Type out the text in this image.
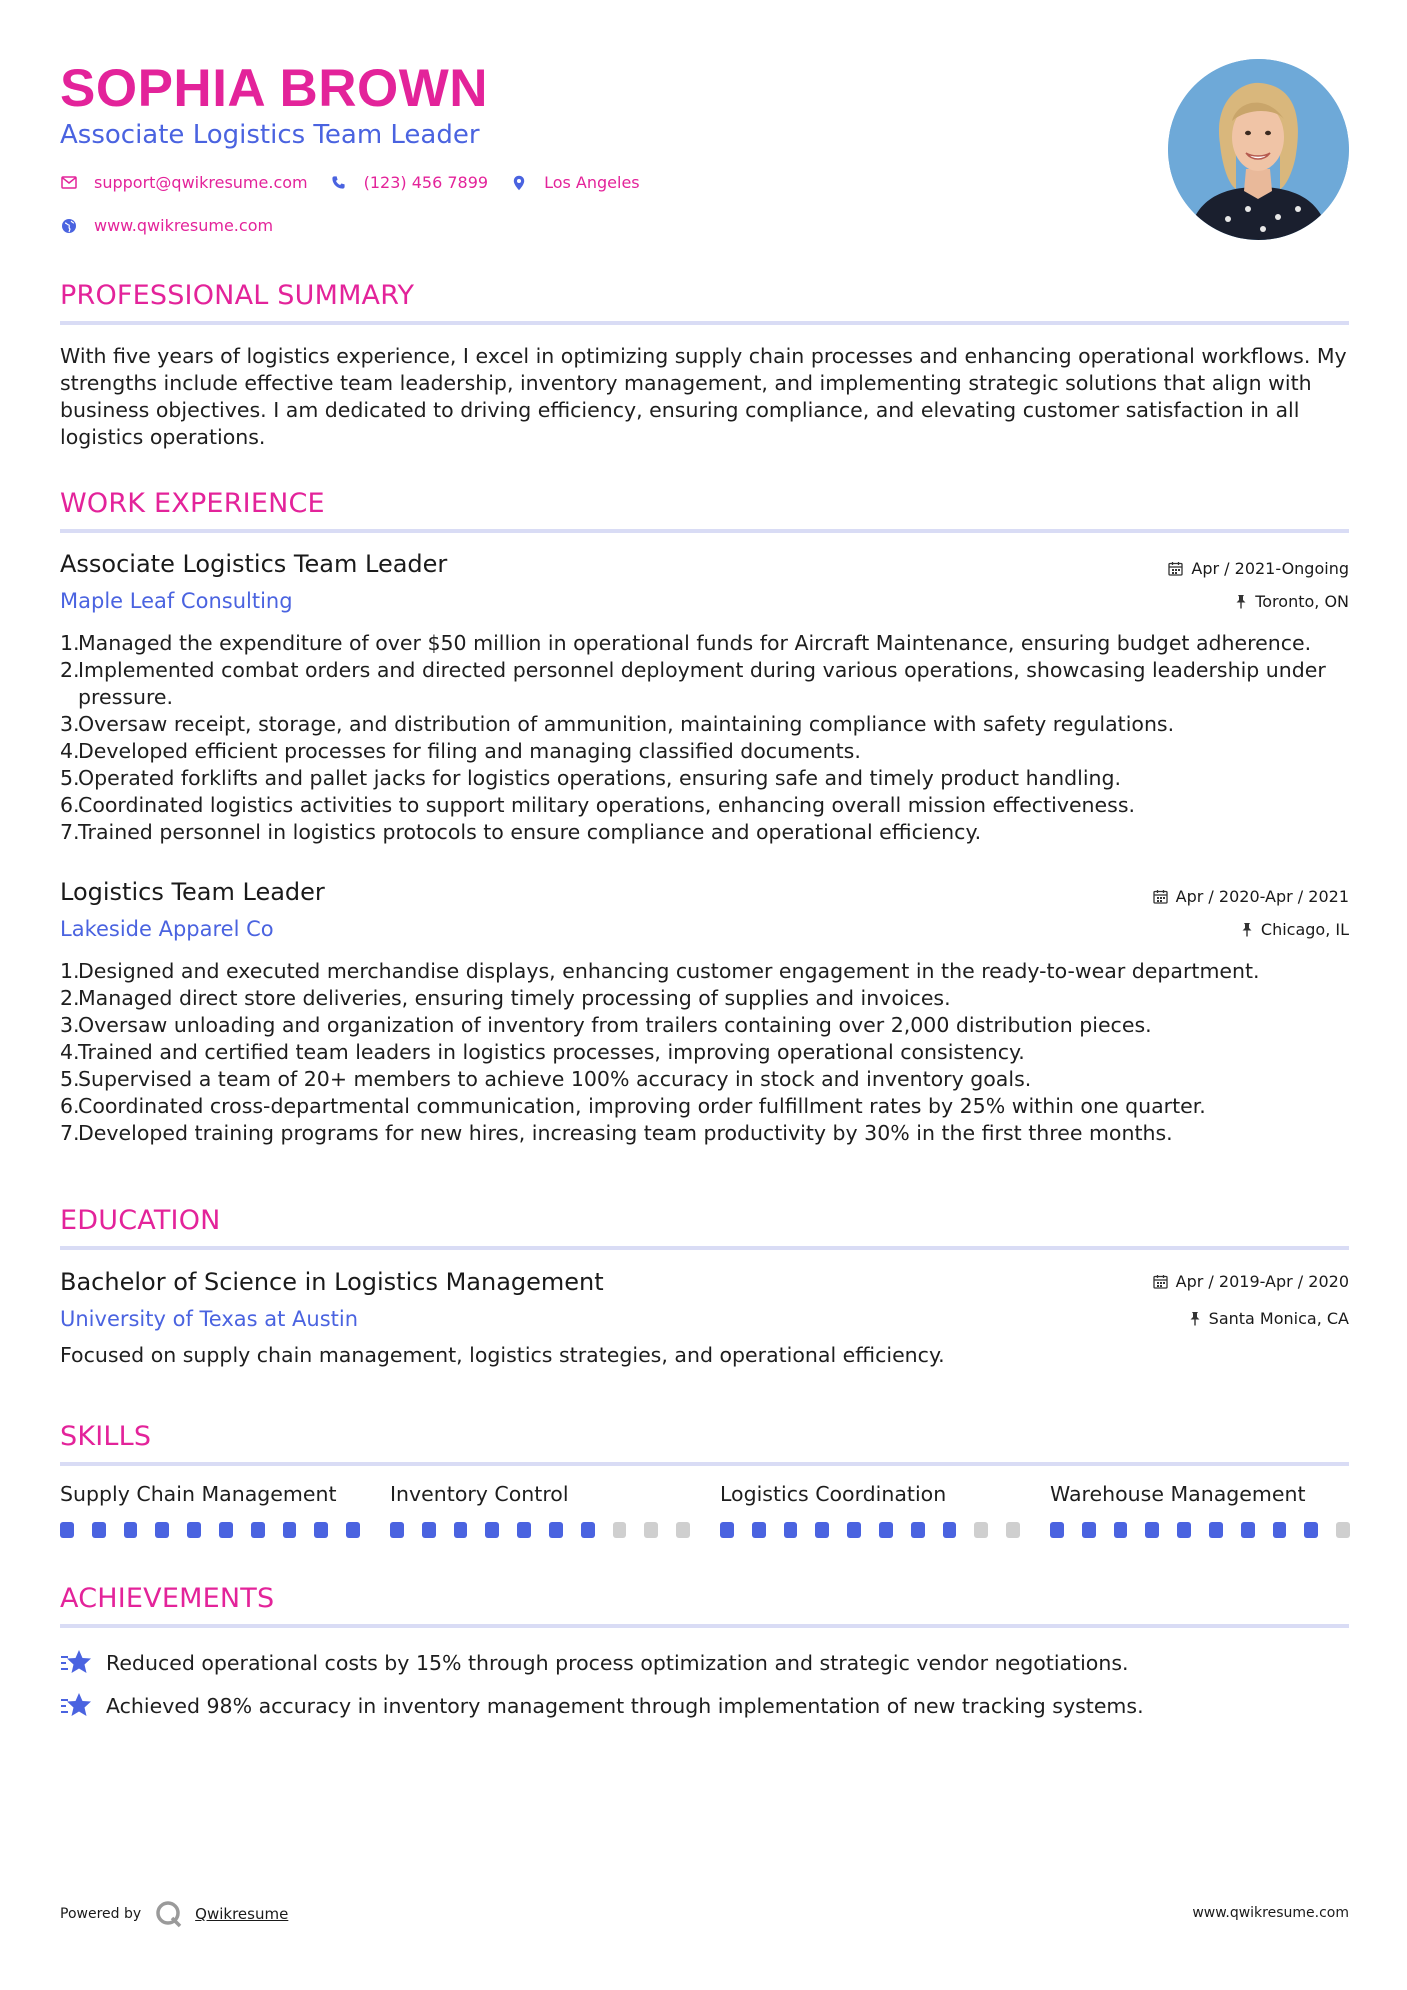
SOPHIA BROWN
Associate Logistics Team Leader
support@qwikresume.com	(123) 456 7899	Los Angeles
www.qwikresume.com
PROFESSIONAL SUMMARY
With five years of logistics experience, I excel in optimizing supply chain processes and enhancing operational workflows. My strengths include effective team leadership, inventory management, and implementing strategic solutions that align with business objectives. I am dedicated to driving efficiency, ensuring compliance, and elevating customer satisfaction in all logistics operations.
WORK EXPERIENCE
Associate Logistics Team Leader
Maple Leaf Consulting
Apr / 2021-Ongoing
Toronto, ON
1.
Managed the expenditure of over $50 million in operational funds for Aircraft Maintenance, ensuring budget adherence.
2.
Implemented combat orders and directed personnel deployment during various operations, showcasing leadership under pressure.
3.
Oversaw receipt, storage, and distribution of ammunition, maintaining compliance with safety regulations.
4.
Developed efficient processes for filing and managing classified documents.
5.
Operated forklifts and pallet jacks for logistics operations, ensuring safe and timely product handling.
6.
Coordinated logistics activities to support military operations, enhancing overall mission effectiveness.
7.
Trained personnel in logistics protocols to ensure compliance and operational efficiency.
Logistics Team Leader
Lakeside Apparel Co
Apr / 2020-Apr / 2021
Chicago, IL
1.
Designed and executed merchandise displays, enhancing customer engagement in the ready-to-wear department.
2.
Managed direct store deliveries, ensuring timely processing of supplies and invoices.
3.
Oversaw unloading and organization of inventory from trailers containing over 2,000 distribution pieces.
4.
Trained and certified team leaders in logistics processes, improving operational consistency.
5.
Supervised a team of 20+ members to achieve 100% accuracy in stock and inventory goals.
6.
Coordinated cross-departmental communication, improving order fulfillment rates by 25% within one quarter.
7.
Developed training programs for new hires, increasing team productivity by 30% in the first three months.
EDUCATION
Bachelor of Science in Logistics Management
University of Texas at Austin
Apr / 2019-Apr / 2020
Santa Monica, CA
Focused on supply chain management, logistics strategies, and operational efficiency.
SKILLS
Supply Chain Management	Inventory Control	Logistics Coordination	Warehouse Management
ACHIEVEMENTS
Reduced operational costs by 15% through process optimization and strategic vendor negotiations.
Achieved 98% accuracy in inventory management through implementation of new tracking systems.
Powered by	Qwikresume	www.qwikresume.com
